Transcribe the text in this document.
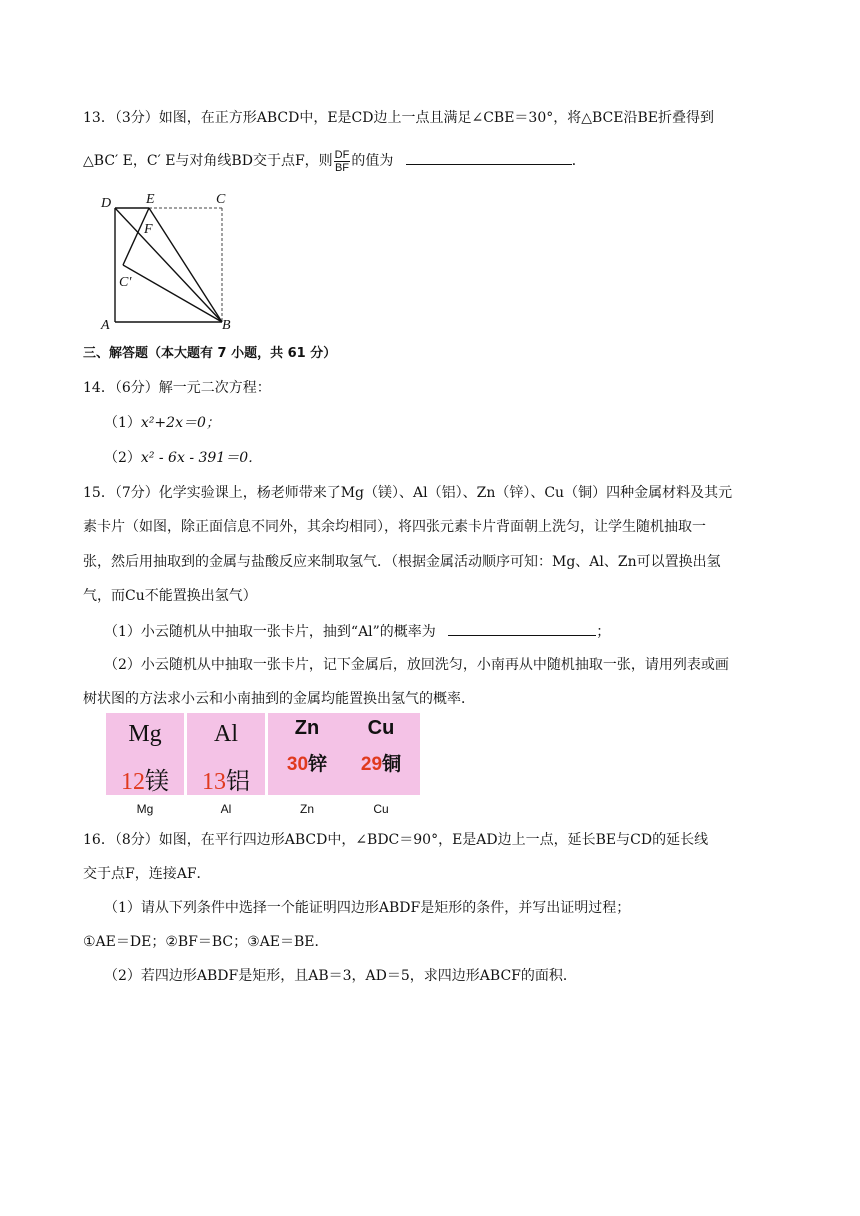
13．（3分）如图，在正方形ABCD中，E是CD边上一点且满足∠CBE＝30°，将△BCE沿BE折叠得到
△BC′ E，C′ E与对角线BD交于点F，则 $\frac{DF}{BF}$ 的值为	．
D E	C
F
C′
A	B
三、解答题（本大题有 7 小题，共 61 分）
14．（6分）解一元二次方程：
（1）x²+2x＝0；
（2）x² - 6x - 391＝0．
15．（7分）化学实验课上，杨老师带来了Mg（镁）、Al（铝）、Zn（锌）、Cu（铜）四种金属材料及其元
素卡片（如图，除正面信息不同外，其余均相同），将四张元素卡片背面朝上洗匀，让学生随机抽取一
张，然后用抽取到的金属与盐酸反应来制取氢气．（根据金属活动顺序可知：Mg、Al、Zn可以置换出氢
气，而Cu不能置换出氢气）
（1）小云随机从中抽取一张卡片，抽到“Al”的概率为	；
（2）小云随机从中抽取一张卡片，记下金属后，放回洗匀，小南再从中随机抽取一张，请用列表或画
树状图的方法求小云和小南抽到的金属均能置换出氢气的概率．
Mg
12镁
Al
13铝
Zn
30锌
Cu
29铜
Mg	Al	Zn	Cu
16．（8分）如图，在平行四边形ABCD中，∠BDC＝90°，E是AD边上一点，延长BE与CD的延长线
交于点F，连接AF．
（1）请从下列条件中选择一个能证明四边形ABDF是矩形的条件，并写出证明过程；
①AE＝DE；②BF＝BC；③AE＝BE．
（2）若四边形ABDF是矩形，且AB＝3，AD＝5，求四边形ABCF的面积．
